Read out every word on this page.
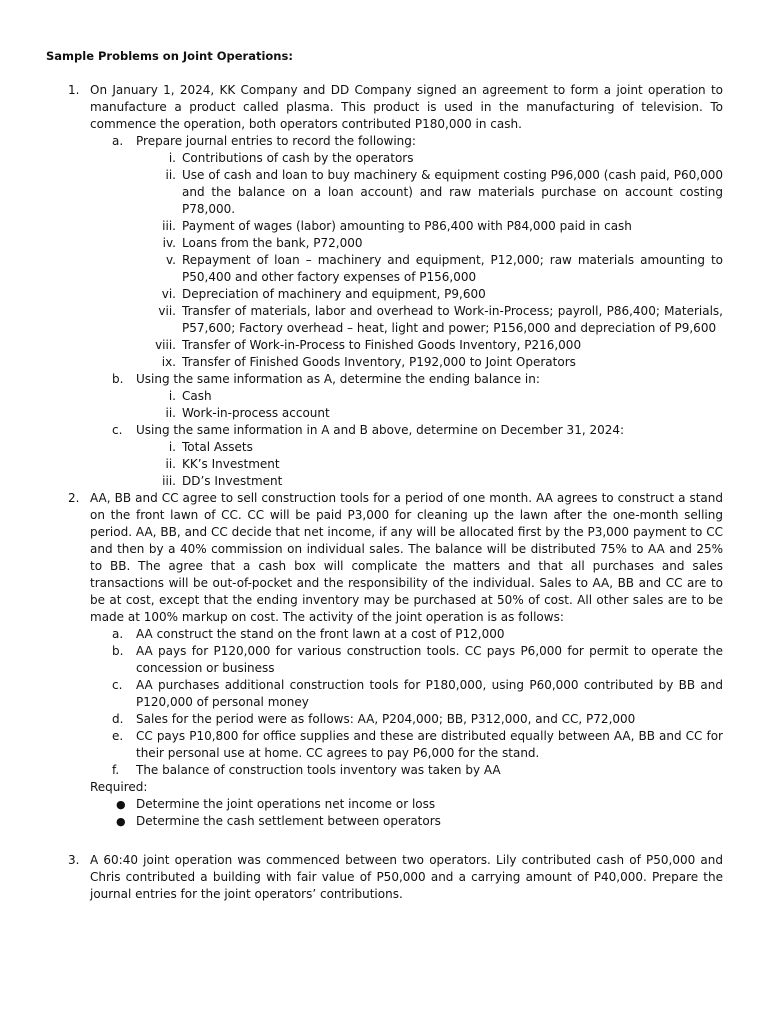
Sample Problems on Joint Operations:
1. On January 1, 2024, KK Company and DD Company signed an agreement to form a joint operation to manufacture a product called plasma. This product is used in the manufacturing of television. To commence the operation, both operators contributed P180,000 in cash.
a. Prepare journal entries to record the following:
i. Contributions of cash by the operators
ii. Use of cash and loan to buy machinery & equipment costing P96,000 (cash paid, P60,000 and the balance on a loan account) and raw materials purchase on account costing P78,000.
iii. Payment of wages (labor) amounting to P86,400 with P84,000 paid in cash
iv. Loans from the bank, P72,000
v. Repayment of loan – machinery and equipment, P12,000; raw materials amounting to P50,400 and other factory expenses of P156,000
vi. Depreciation of machinery and equipment, P9,600
vii. Transfer of materials, labor and overhead to Work-in-Process; payroll, P86,400; Materials, P57,600; Factory overhead – heat, light and power; P156,000 and depreciation of P9,600
viii. Transfer of Work-in-Process to Finished Goods Inventory, P216,000
ix. Transfer of Finished Goods Inventory, P192,000 to Joint Operators
b. Using the same information as A, determine the ending balance in:
i. Cash
ii. Work-in-process account
c. Using the same information in A and B above, determine on December 31, 2024:
i. Total Assets
ii. KK’s Investment
iii. DD’s Investment
2. AA, BB and CC agree to sell construction tools for a period of one month. AA agrees to construct a stand on the front lawn of CC. CC will be paid P3,000 for cleaning up the lawn after the one-month selling period. AA, BB, and CC decide that net income, if any will be allocated first by the P3,000 payment to CC and then by a 40% commission on individual sales. The balance will be distributed 75% to AA and 25% to BB. The agree that a cash box will complicate the matters and that all purchases and sales transactions will be out-of-pocket and the responsibility of the individual. Sales to AA, BB and CC are to be at cost, except that the ending inventory may be purchased at 50% of cost. All other sales are to be made at 100% markup on cost. The activity of the joint operation is as follows:
a. AA construct the stand on the front lawn at a cost of P12,000
b. AA pays for P120,000 for various construction tools. CC pays P6,000 for permit to operate the concession or business
c. AA purchases additional construction tools for P180,000, using P60,000 contributed by BB and P120,000 of personal money
d. Sales for the period were as follows: AA, P204,000; BB, P312,000, and CC, P72,000
e. CC pays P10,800 for office supplies and these are distributed equally between AA, BB and CC for their personal use at home. CC agrees to pay P6,000 for the stand.
f. The balance of construction tools inventory was taken by AA
Required:
● Determine the joint operations net income or loss
● Determine the cash settlement between operators
3. A 60:40 joint operation was commenced between two operators. Lily contributed cash of P50,000 and Chris contributed a building with fair value of P50,000 and a carrying amount of P40,000. Prepare the journal entries for the joint operators’ contributions.
